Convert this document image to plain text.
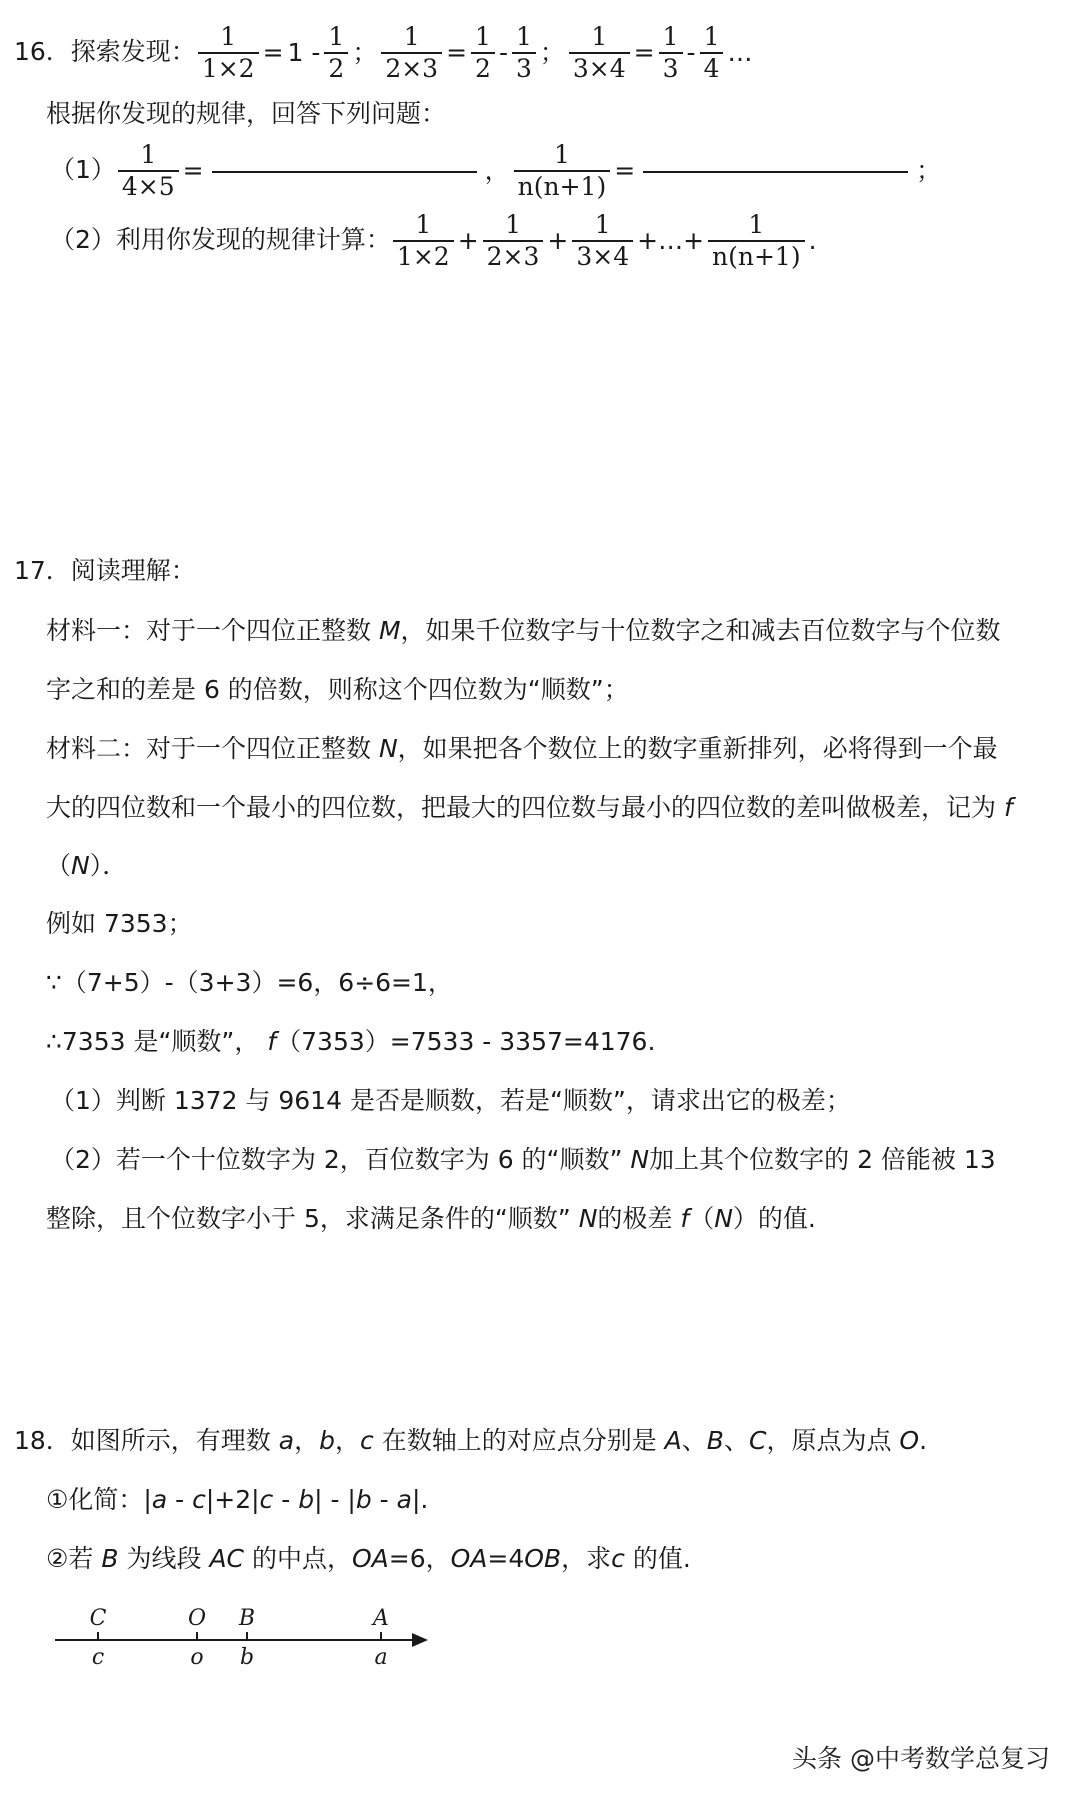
16．探索发现： $\frac{1}{1\times 2} = 1 - \frac{1}{2}$ ； $\frac{1}{2\times 3} = \frac{1}{2} - \frac{1}{3}$ ； $\frac{1}{3\times 4} = \frac{1}{3} - \frac{1}{4}$ …
根据你发现的规律，回答下列问题：
$(1) \frac{1}{4\times 5}$ =	， $\frac{1}{n(n+1)}$ =	；
（2）利用你发现的规律计算： $\frac{1}{1\times 2} + \frac{1}{2\times 3} + \frac{1}{3\times 4}$ +…+ $\frac{1}{n(n+1)}$ .
17．阅读理解：
材料一：对于一个四位正整数 M，如果千位数字与十位数字之和减去百位数字与个位数
字之和的差是 6 的倍数，则称这个四位数为“顺数”；
材料二：对于一个四位正整数 N，如果把各个数位上的数字重新排列，必将得到一个最
大的四位数和一个最小的四位数，把最大的四位数与最小的四位数的差叫做极差，记为 f
（N）．
例如 7353；
∵（7+5）-（3+3）=6，6÷6=1，
∴7353 是“顺数”， f（7353）=7533 - 3357=4176.
（1）判断 1372 与 9614 是否是顺数，若是“顺数”，请求出它的极差；
（2）若一个十位数字为 2，百位数字为 6 的“顺数” N加上其个位数字的 2 倍能被 13
整除，且个位数字小于 5，求满足条件的“顺数” N的极差 f（N）的值.
18．如图所示，有理数 a，b，c 在数轴上的对应点分别是 A、B、C，原点为点 O.
①化简：|a - c|+2|c - b| - |b - a|.
②若 B 为线段 AC 的中点，OA=6，OA=4OB，求c 的值.
C	O B	A
c	o b	a
头条 @中考数学总复习
